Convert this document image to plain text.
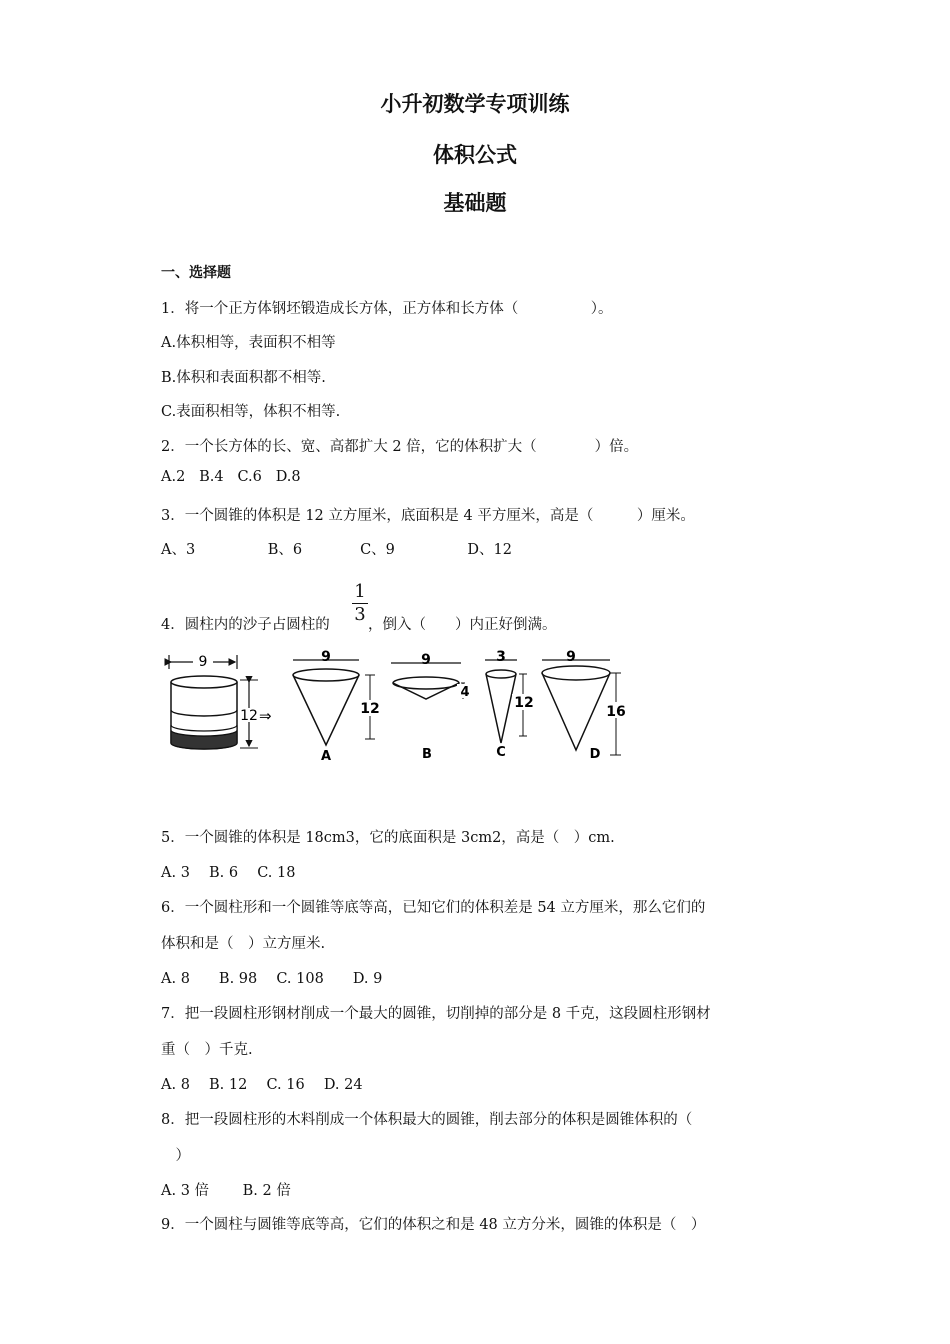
小升初数学专项训练
体积公式
基础题
一、选择题
1．将一个正方体钢坯锻造成长方体，正方体和长方体（　　　　　）。
A.体积相等，表面积不相等
B.体积和表面积都不相等.
C.表面积相等，体积不相等.
2．一个长方体的长、宽、高都扩大 2 倍，它的体积扩大（　　　　）倍。
A.2   B.4   C.6   D.8
3．一个圆锥的体积是 12 立方厘米，底面积是 4 平方厘米，高是（　　　）厘米。
A、3　　　　　B、6　　　　C、9　　　　　D、12
4．圆柱内的沙子占圆柱的
1
3 ，倒入（　　）内正好倒满。
9
12 ⇒
9
12
A
9
4
B
3
12
C
9
16
D
5．一个圆锥的体积是 18cm3，它的底面积是 3cm2，高是（　）cm.
A. 3　 B. 6　 C. 18
6．一个圆柱形和一个圆锥等底等高，已知它们的体积差是 54 立方厘米，那么它们的
体积和是（　）立方厘米.
A. 8　　B. 98　 C. 108　　D. 9
7．把一段圆柱形钢材削成一个最大的圆锥，切削掉的部分是 8 千克，这段圆柱形钢材
重（　）千克.
A. 8　 B. 12　 C. 16　 D. 24
8．把一段圆柱形的木料削成一个体积最大的圆锥，削去部分的体积是圆锥体积的（
　）
A. 3 倍　　 B. 2 倍
9．一个圆柱与圆锥等底等高，它们的体积之和是 48 立方分米，圆锥的体积是（　）
